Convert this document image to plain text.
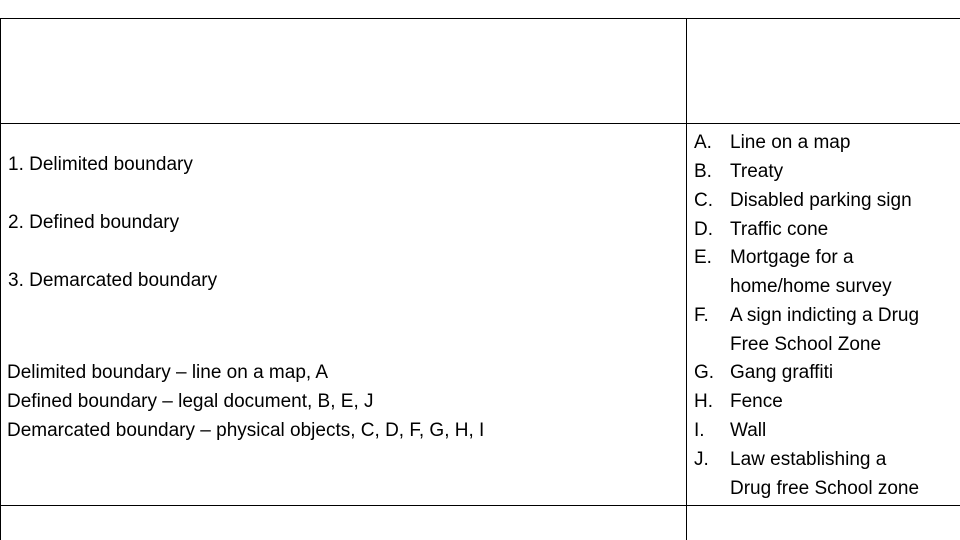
1. Delimited boundary
2. Defined boundary
3. Demarcated boundary
Delimited boundary – line on a map, A
Defined boundary – legal document, B, E, J
Demarcated boundary – physical objects, C, D, F, G, H, I
A. Line on a map
B. Treaty
C. Disabled parking sign
D. Traffic cone
E. Mortgage for a
home/home survey
F. A sign indicting a Drug
Free School Zone
G. Gang graffiti
H. Fence
I. Wall
J. Law establishing a
Drug free School zone
